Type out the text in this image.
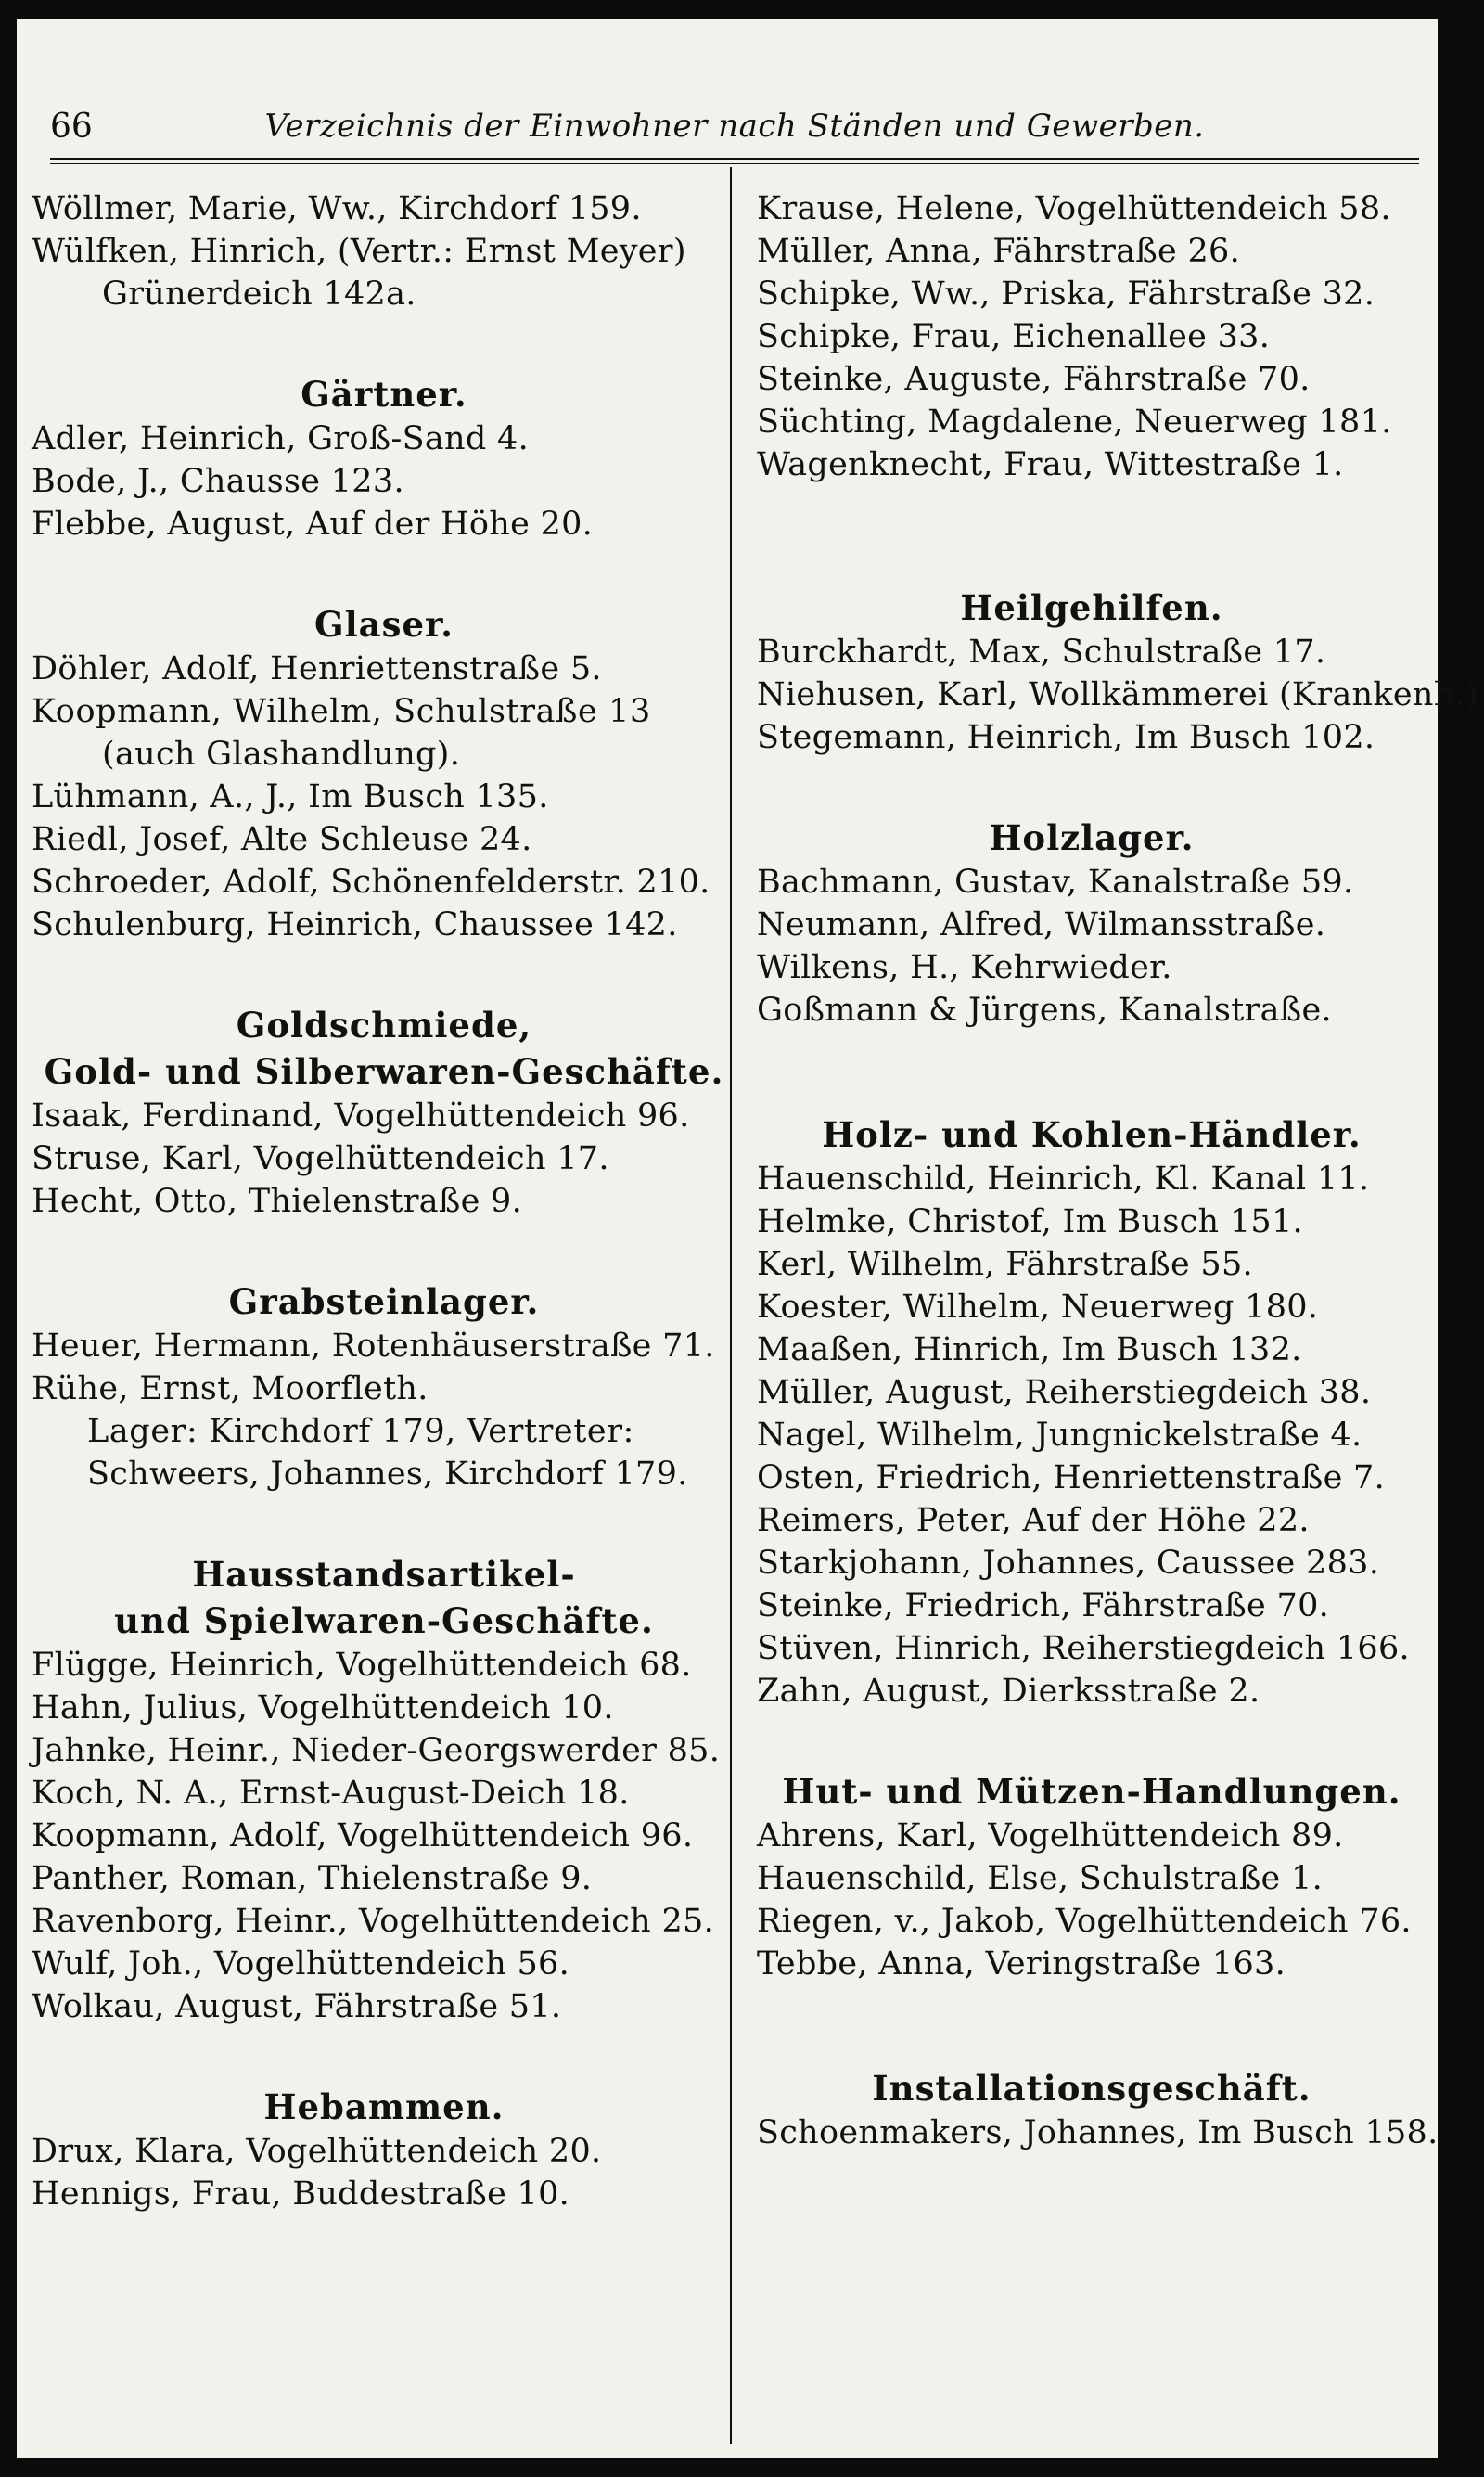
66	Verzeichnis der Einwohner nach Ständen und Gewerben.
Wöllmer, Marie, Ww., Kirchdorf 159.
Wülfken, Hinrich, (Vertr.: Ernst Meyer)
Grünerdeich 142a.
Gärtner.
Adler, Heinrich, Groß-Sand 4.
Bode, J., Chausse 123.
Flebbe, August, Auf der Höhe 20.
Glaser.
Döhler, Adolf, Henriettenstraße 5.
Koopmann, Wilhelm, Schulstraße 13
(auch Glashandlung).
Lühmann, A., J., Im Busch 135.
Riedl, Josef, Alte Schleuse 24.
Schroeder, Adolf, Schönenfelderstr. 210.
Schulenburg, Heinrich, Chaussee 142.
Goldschmiede,
Gold- und Silberwaren-Geschäfte.
Isaak, Ferdinand, Vogelhüttendeich 96.
Struse, Karl, Vogelhüttendeich 17.
Hecht, Otto, Thielenstraße 9.
Grabsteinlager.
Heuer, Hermann, Rotenhäuserstraße 71.
Rühe, Ernst, Moorfleth.
Lager: Kirchdorf 179, Vertreter:
Schweers, Johannes, Kirchdorf 179.
Hausstandsartikel-
und Spielwaren-Geschäfte.
Flügge, Heinrich, Vogelhüttendeich 68.
Hahn, Julius, Vogelhüttendeich 10.
Jahnke, Heinr., Nieder-Georgswerder 85.
Koch, N. A., Ernst-August-Deich 18.
Koopmann, Adolf, Vogelhüttendeich 96.
Panther, Roman, Thielenstraße 9.
Ravenborg, Heinr., Vogelhüttendeich 25.
Wulf, Joh., Vogelhüttendeich 56.
Wolkau, August, Fährstraße 51.
Hebammen.
Drux, Klara, Vogelhüttendeich 20.
Hennigs, Frau, Buddestraße 10.
Krause, Helene, Vogelhüttendeich 58.
Müller, Anna, Fährstraße 26.
Schipke, Ww., Priska, Fährstraße 32.
Schipke, Frau, Eichenallee 33.
Steinke, Auguste, Fährstraße 70.
Süchting, Magdalene, Neuerweg 181.
Wagenknecht, Frau, Wittestraße 1.
Heilgehilfen.
Burckhardt, Max, Schulstraße 17.
Niehusen, Karl, Wollkämmerei (Krankenh.)
Stegemann, Heinrich, Im Busch 102.
Holzlager.
Bachmann, Gustav, Kanalstraße 59.
Neumann, Alfred, Wilmansstraße.
Wilkens, H., Kehrwieder.
Goßmann & Jürgens, Kanalstraße.
Holz- und Kohlen-Händler.
Hauenschild, Heinrich, Kl. Kanal 11.
Helmke, Christof, Im Busch 151.
Kerl, Wilhelm, Fährstraße 55.
Koester, Wilhelm, Neuerweg 180.
Maaßen, Hinrich, Im Busch 132.
Müller, August, Reiherstiegdeich 38.
Nagel, Wilhelm, Jungnickelstraße 4.
Osten, Friedrich, Henriettenstraße 7.
Reimers, Peter, Auf der Höhe 22.
Starkjohann, Johannes, Caussee 283.
Steinke, Friedrich, Fährstraße 70.
Stüven, Hinrich, Reiherstiegdeich 166.
Zahn, August, Dierksstraße 2.
Hut- und Mützen-Handlungen.
Ahrens, Karl, Vogelhüttendeich 89.
Hauenschild, Else, Schulstraße 1.
Riegen, v., Jakob, Vogelhüttendeich 76.
Tebbe, Anna, Veringstraße 163.
Installationsgeschäft.
Schoenmakers, Johannes, Im Busch 158.
